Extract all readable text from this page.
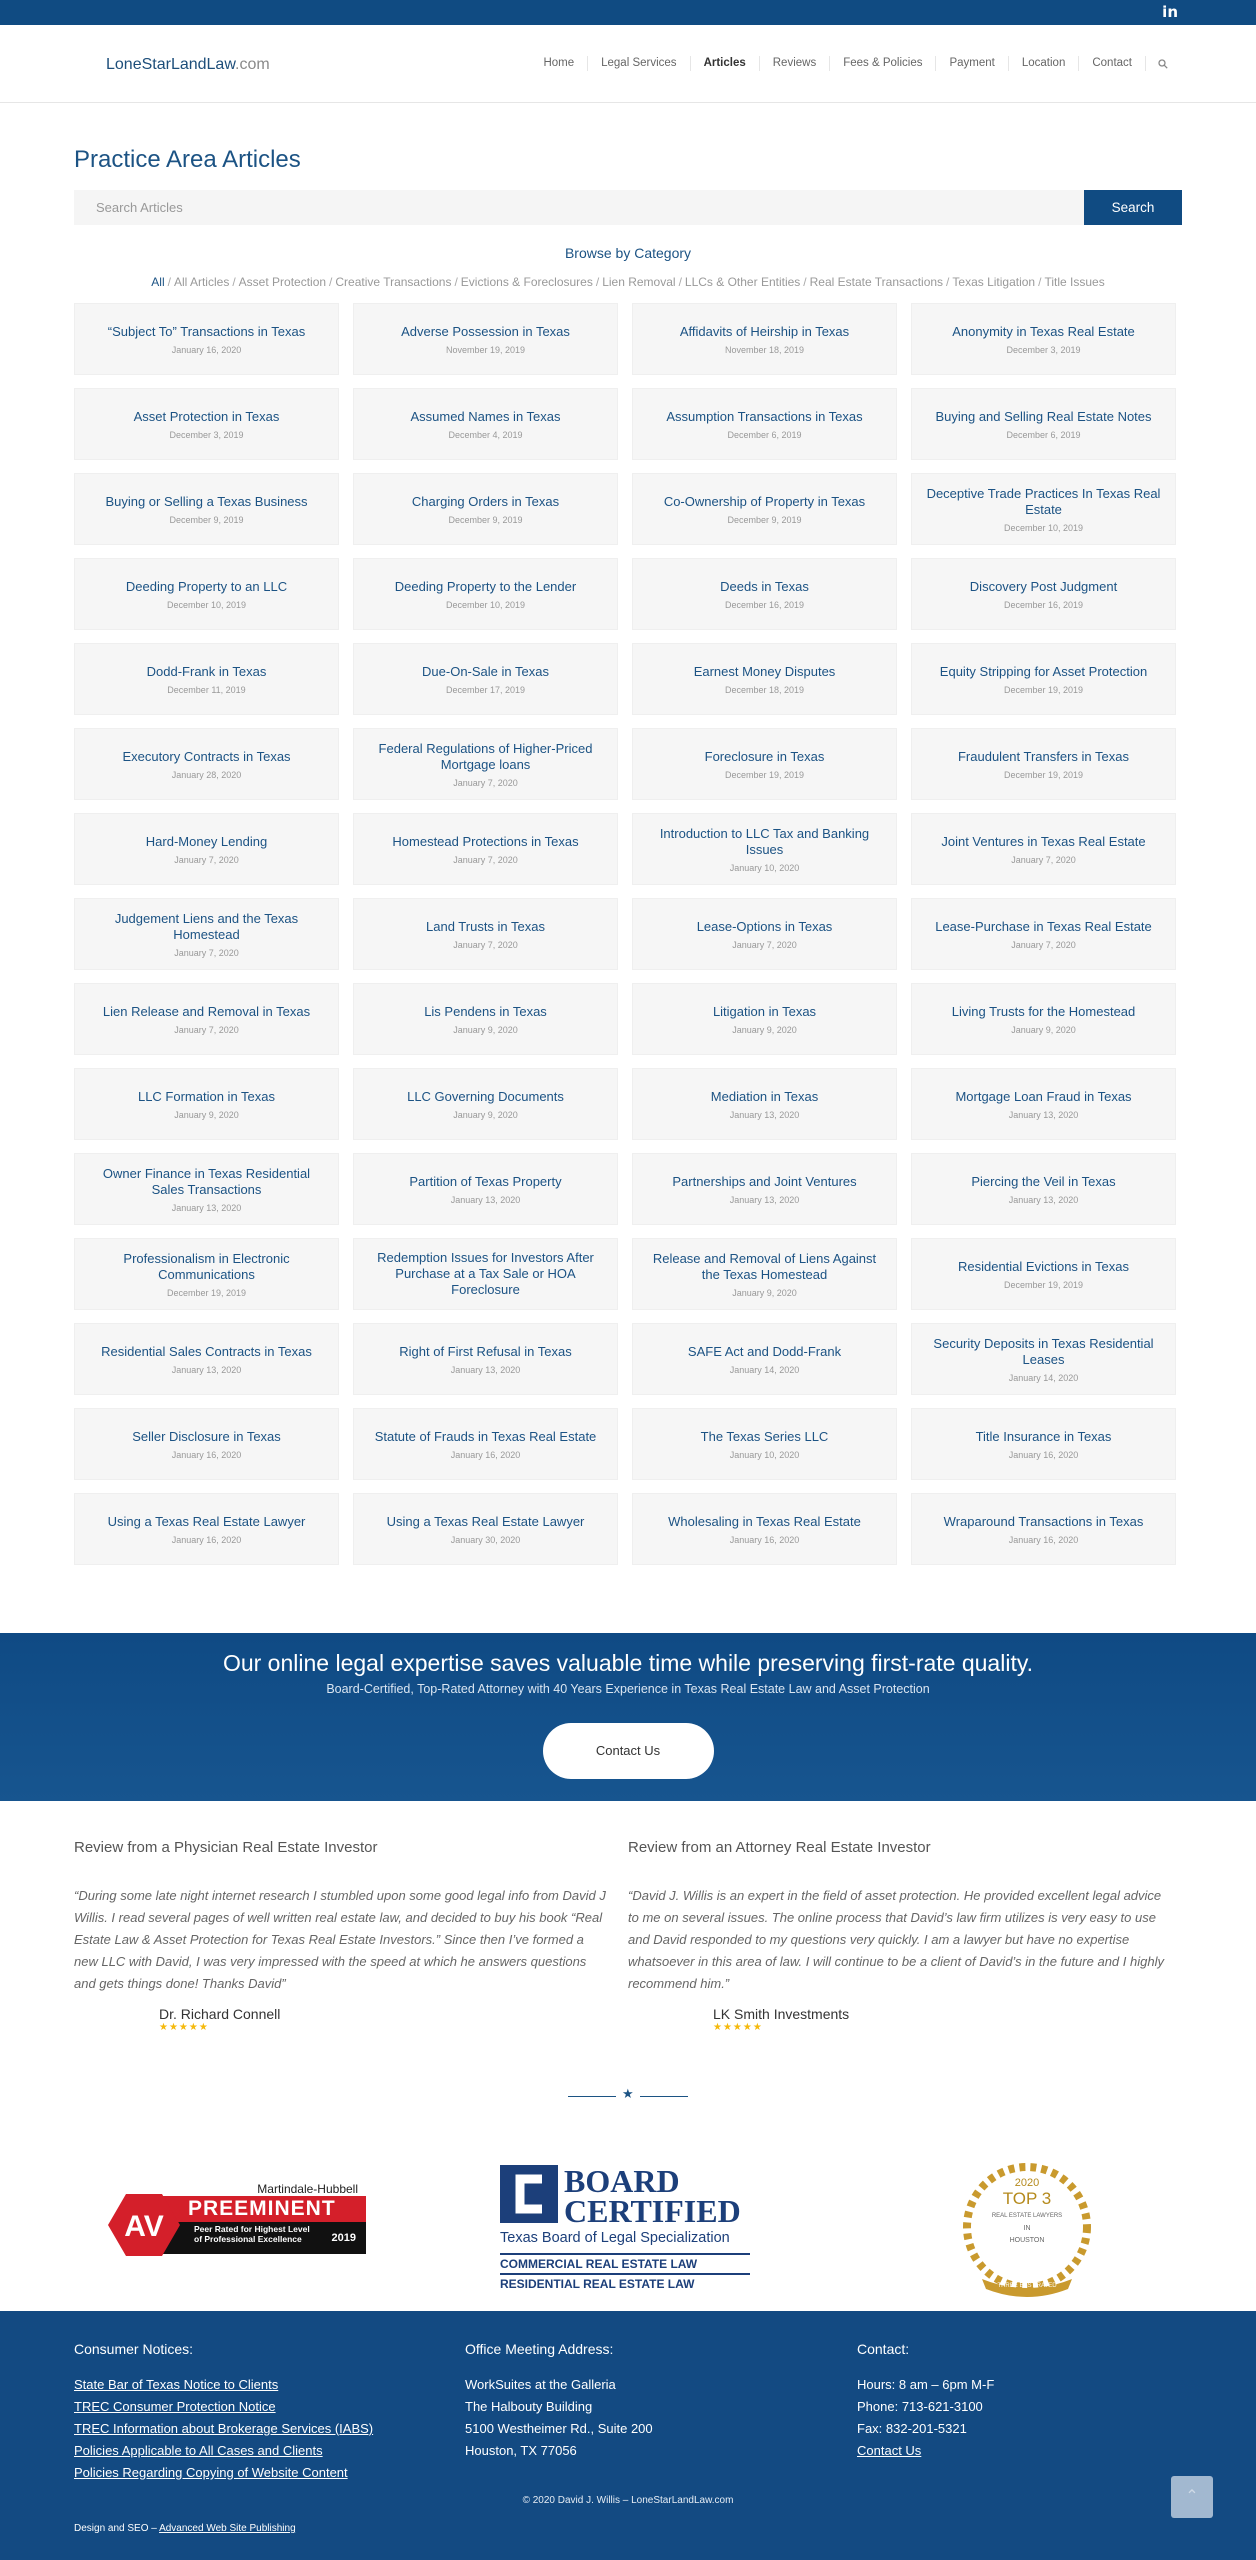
in
LoneStarLandLaw.com	Home	Legal Services	Articles	Reviews	Fees & Policies	Payment	Location	Contact
Practice Area Articles
Search Articles
Search
Browse by Category
All / All Articles / Asset Protection / Creative Transactions / Evictions & Foreclosures / Lien Removal / LLCs & Other Entities / Real Estate Transactions / Texas Litigation / Title Issues
“Subject To” Transactions in Texas
January 16, 2020
Adverse Possession in Texas
November 19, 2019
Affidavits of Heirship in Texas
November 18, 2019
Anonymity in Texas Real Estate
December 3, 2019
Asset Protection in Texas
December 3, 2019
Assumed Names in Texas
December 4, 2019
Assumption Transactions in Texas
December 6, 2019
Buying and Selling Real Estate Notes
December 6, 2019
Buying or Selling a Texas Business
December 9, 2019
Charging Orders in Texas
December 9, 2019
Co-Ownership of Property in Texas
December 9, 2019
Deceptive Trade Practices In Texas Real Estate
December 10, 2019
Deeding Property to an LLC
December 10, 2019
Deeding Property to the Lender
December 10, 2019
Deeds in Texas
December 16, 2019
Discovery Post Judgment
December 16, 2019
Dodd-Frank in Texas
December 11, 2019
Due-On-Sale in Texas
December 17, 2019
Earnest Money Disputes
December 18, 2019
Equity Stripping for Asset Protection
December 19, 2019
Executory Contracts in Texas
January 28, 2020
Federal Regulations of Higher-Priced Mortgage loans
January 7, 2020
Foreclosure in Texas
December 19, 2019
Fraudulent Transfers in Texas
December 19, 2019
Hard-Money Lending
January 7, 2020
Homestead Protections in Texas
January 7, 2020
Introduction to LLC Tax and Banking Issues
January 10, 2020
Joint Ventures in Texas Real Estate
January 7, 2020
Judgement Liens and the Texas Homestead
January 7, 2020
Land Trusts in Texas
January 7, 2020
Lease-Options in Texas
January 7, 2020
Lease-Purchase in Texas Real Estate
January 7, 2020
Lien Release and Removal in Texas
January 7, 2020
Lis Pendens in Texas
January 9, 2020
Litigation in Texas
January 9, 2020
Living Trusts for the Homestead
January 9, 2020
LLC Formation in Texas
January 9, 2020
LLC Governing Documents
January 9, 2020
Mediation in Texas
January 13, 2020
Mortgage Loan Fraud in Texas
January 13, 2020
Owner Finance in Texas Residential Sales Transactions
January 13, 2020
Partition of Texas Property
January 13, 2020
Partnerships and Joint Ventures
January 13, 2020
Piercing the Veil in Texas
January 13, 2020
Professionalism in Electronic Communications
December 19, 2019
Redemption Issues for Investors After Purchase at a Tax Sale or HOA Foreclosure
Release and Removal of Liens Against the Texas Homestead
January 9, 2020
Residential Evictions in Texas
December 19, 2019
Residential Sales Contracts in Texas
January 13, 2020
Right of First Refusal in Texas
January 13, 2020
SAFE Act and Dodd-Frank
January 14, 2020
Security Deposits in Texas Residential Leases
January 14, 2020
Seller Disclosure in Texas
January 16, 2020
Statute of Frauds in Texas Real Estate
January 16, 2020
The Texas Series LLC
January 10, 2020
Title Insurance in Texas
January 16, 2020
Using a Texas Real Estate Lawyer
January 16, 2020
Using a Texas Real Estate Lawyer
January 30, 2020
Wholesaling in Texas Real Estate
January 16, 2020
Wraparound Transactions in Texas
January 16, 2020
Our online legal expertise saves valuable time while preserving first-rate quality.
Board-Certified, Top-Rated Attorney with 40 Years Experience in Texas Real Estate Law and Asset Protection
Contact Us
Review from a Physician Real Estate Investor
“During some late night internet research I stumbled upon some good legal info from David J Willis. I read several pages of well written real estate law, and decided to buy his book “Real Estate Law & Asset Protection for Texas Real Estate Investors.” Since then I’ve formed a new LLC with David, I was very impressed with the speed at which he answers questions and gets things done! Thanks David”
Dr. Richard Connell
★★★★★
Review from an Attorney Real Estate Investor
“David J. Willis is an expert in the field of asset protection. He provided excellent legal advice to me on several issues. The online process that David’s law firm utilizes is very easy to use and David responded to my questions very quickly. I am a lawyer but have no expertise whatsoever in this area of law. I will continue to be a client of David’s in the future and I highly recommend him.”
LK Smith Investments
★★★★★
★
Martindale-Hubbell
PREEMINENT
Peer Rated for Highest Level
of Professional Excellence	2019
AV
BOARD
CERTIFIED
Texas Board of Legal Specialization
COMMERCIAL REAL ESTATE LAW
RESIDENTIAL REAL ESTATE LAW
2020
TOP 3
REAL ESTATE LAWYERS
IN
HOUSTON
THREE BEST RATED
Consumer Notices:
State Bar of Texas Notice to Clients
TREC Consumer Protection Notice
TREC Information about Brokerage Services (IABS)
Policies Applicable to All Cases and Clients
Policies Regarding Copying of Website Content
Office Meeting Address:
WorkSuites at the Galleria
The Halbouty Building
5100 Westheimer Rd., Suite 200
Houston, TX 77056
Contact:
Hours: 8 am – 6pm M-F
Phone: 713-621-3100
Fax: 832-201-5321
Contact Us
© 2020 David J. Willis – LoneStarLandLaw.com
Design and SEO – Advanced Web Site Publishing
⌃
